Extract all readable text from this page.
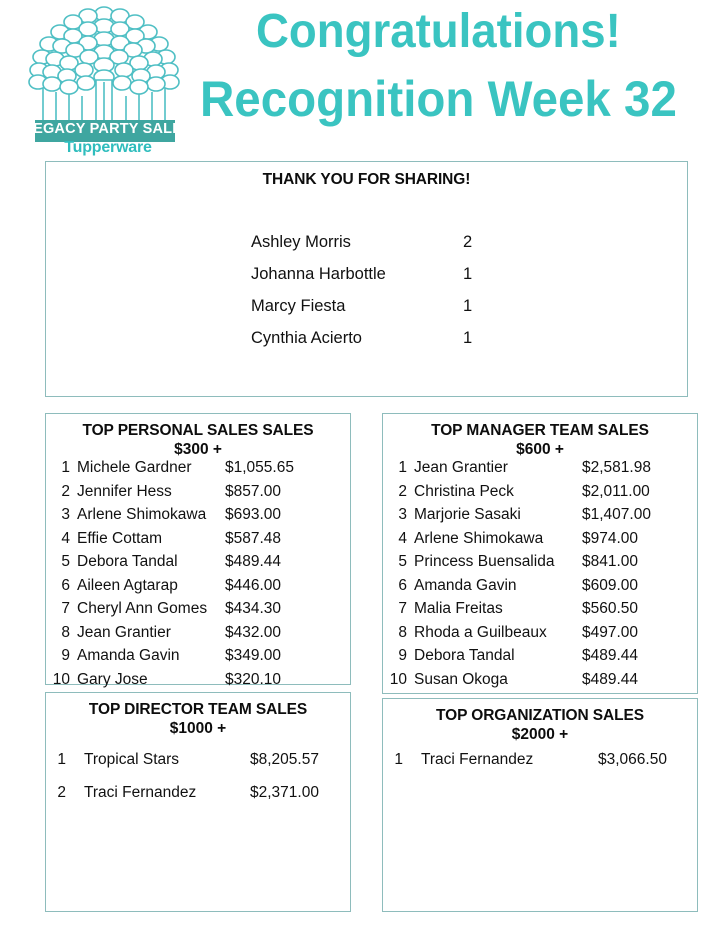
LEGACY PARTY SALES
Tupperware
Congratulations!
Recognition Week 32
THANK YOU FOR SHARING!
Ashley Morris	2
Johanna Harbottle	1
Marcy Fiesta	1
Cynthia Acierto	1
TOP PERSONAL SALES SALES
$300 +
1 Michele Gardner	$1,055.65
2 Jennifer Hess	$857.00
3 Arlene Shimokawa	$693.00
4 Effie Cottam	$587.48
5 Debora Tandal	$489.44
6 Aileen Agtarap	$446.00
7 Cheryl Ann Gomes	$434.30
8 Jean Grantier	$432.00
9 Amanda Gavin	$349.00
10 Gary Jose	$320.10
TOP MANAGER TEAM SALES
$600 +
1 Jean Grantier	$2,581.98
2 Christina Peck	$2,011.00
3 Marjorie Sasaki	$1,407.00
4 Arlene Shimokawa	$974.00
5 Princess Buensalida	$841.00
6 Amanda Gavin	$609.00
7 Malia Freitas	$560.50
8 Rhoda a Guilbeaux	$497.00
9 Debora Tandal	$489.44
10 Susan Okoga	$489.44
TOP DIRECTOR TEAM SALES
$1000 +
1	Tropical Stars	$8,205.57
2	Traci Fernandez	$2,371.00
TOP ORGANIZATION SALES
$2000 +
1	Traci Fernandez	$3,066.50
